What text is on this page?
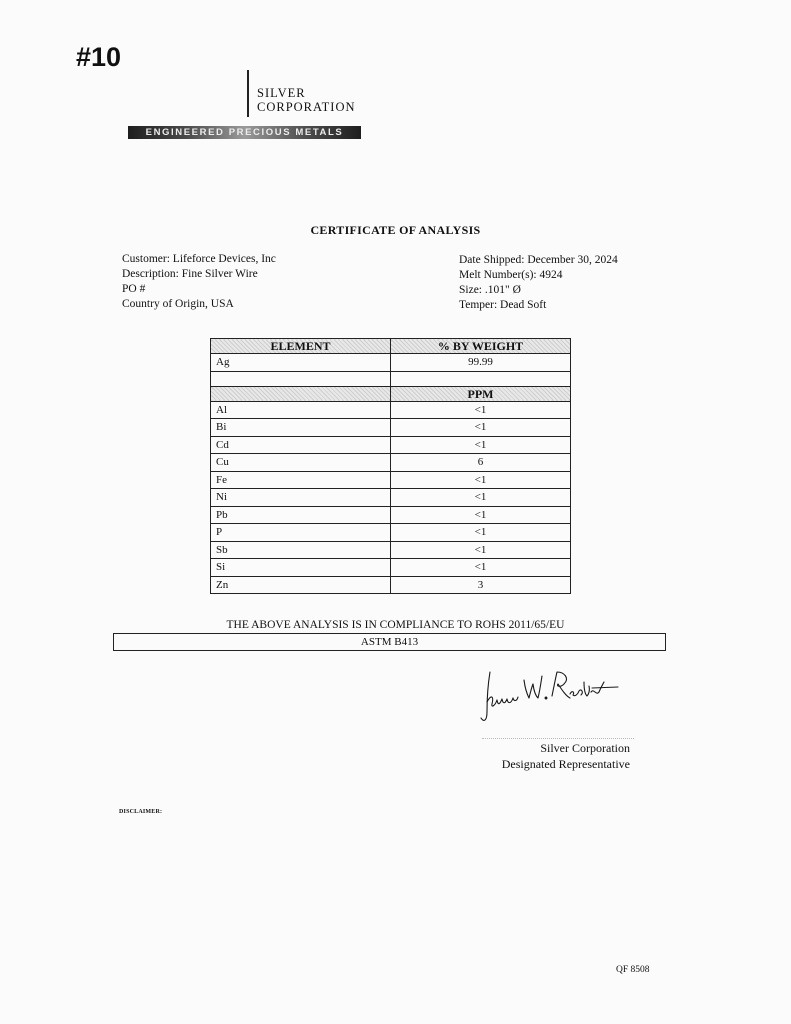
#10
SILVER
CORPORATION
ENGINEERED PRECIOUS METALS
CERTIFICATE OF ANALYSIS
Customer: Lifeforce Devices, Inc
Description: Fine Silver Wire
PO #
Country of Origin, USA
Date Shipped: December 30, 2024
Melt Number(s): 4924
Size: .101" Ø
Temper: Dead Soft
ELEMENT	% BY WEIGHT
Ag	99.99

	PPM
Al	<1
Bi	<1
Cd	<1
Cu	6
Fe	<1
Ni	<1
Pb	<1
P	<1
Sb	<1
Si	<1
Zn	3
THE ABOVE ANALYSIS IS IN COMPLIANCE TO ROHS 2011/65/EU
ASTM B413
Silver Corporation
Designated Representative
DISCLAIMER:
QF 8508
